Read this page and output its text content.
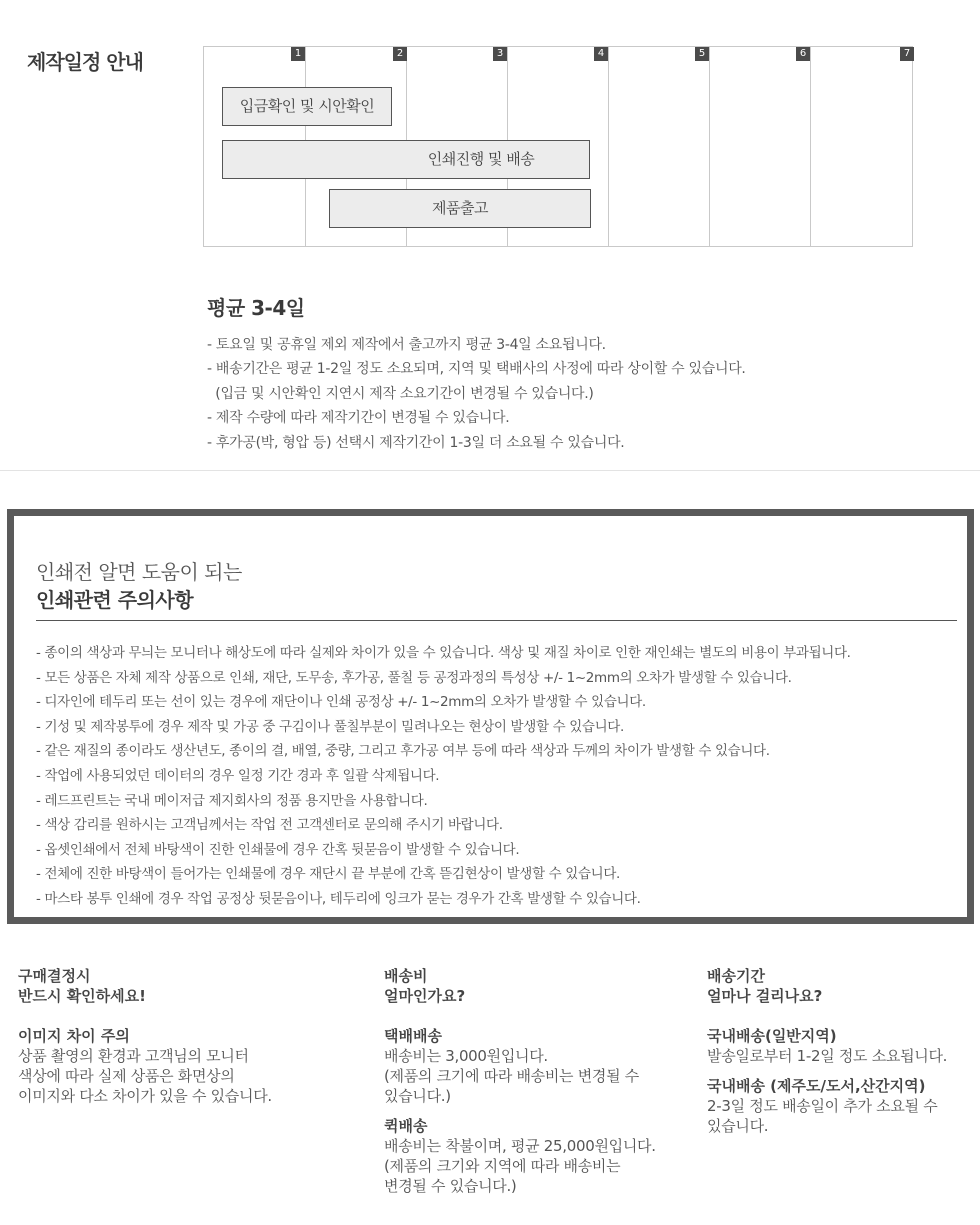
제작일정 안내	1	2	3	4	5	6	7
입금확인 및 시안확인
인쇄진행 및 배송
제품출고
평균 3-4일
- 토요일 및 공휴일 제외 제작에서 출고까지 평균 3-4일 소요됩니다.
- 배송기간은 평균 1-2일 정도 소요되며, 지역 및 택배사의 사정에 따라 상이할 수 있습니다.
(입금 및 시안확인 지연시 제작 소요기간이 변경될 수 있습니다.)
- 제작 수량에 따라 제작기간이 변경될 수 있습니다.
- 후가공(박, 형압 등) 선택시 제작기간이 1-3일 더 소요될 수 있습니다.
인쇄전 알면 도움이 되는
인쇄관련 주의사항
- 종이의 색상과 무늬는 모니터나 해상도에 따라 실제와 차이가 있을 수 있습니다. 색상 및 재질 차이로 인한 재인쇄는 별도의 비용이 부과됩니다.
- 모든 상품은 자체 제작 상품으로 인쇄, 재단, 도무송, 후가공, 풀칠 등 공정과정의 특성상 +/- 1~2mm의 오차가 발생할 수 있습니다.
- 디자인에 테두리 또는 선이 있는 경우에 재단이나 인쇄 공정상 +/- 1~2mm의 오차가 발생할 수 있습니다.
- 기성 및 제작봉투에 경우 제작 및 가공 중 구김이나 풀칠부분이 밀려나오는 현상이 발생할 수 있습니다.
- 같은 재질의 종이라도 생산년도, 종이의 결, 배열, 중량, 그리고 후가공 여부 등에 따라 색상과 두께의 차이가 발생할 수 있습니다.
- 작업에 사용되었던 데이터의 경우 일정 기간 경과 후 일괄 삭제됩니다.
- 레드프린트는 국내 메이저급 제지회사의 정품 용지만을 사용합니다.
- 색상 감리를 원하시는 고객님께서는 작업 전 고객센터로 문의해 주시기 바랍니다.
- 옵셋인쇄에서 전체 바탕색이 진한 인쇄물에 경우 간혹 뒷묻음이 발생할 수 있습니다.
- 전체에 진한 바탕색이 들어가는 인쇄물에 경우 재단시 끝 부분에 간혹 뜯김현상이 발생할 수 있습니다.
- 마스타 봉투 인쇄에 경우 작업 공정상 뒷묻음이나, 테두리에 잉크가 묻는 경우가 간혹 발생할 수 있습니다.

구매결정시
반드시 확인하세요!

이미지 차이 주의

상품 촬영의 환경과 고객님의 모니터
색상에 따라 실제 상품은 화면상의
이미지와 다소 차이가 있을 수 있습니다.

배송비
얼마인가요?

택배배송

배송비는 3,000원입니다.
(제품의 크기에 따라 배송비는 변경될 수
있습니다.)

퀵배송

배송비는 착불이며, 평균 25,000원입니다.
(제품의 크기와 지역에 따라 배송비는
변경될 수 있습니다.)

배송기간
얼마나 걸리나요?

국내배송(일반지역)

발송일로부터 1-2일 정도 소요됩니다.

국내배송 (제주도/도서,산간지역)

2-3일 정도 배송일이 추가 소요될 수
있습니다.
